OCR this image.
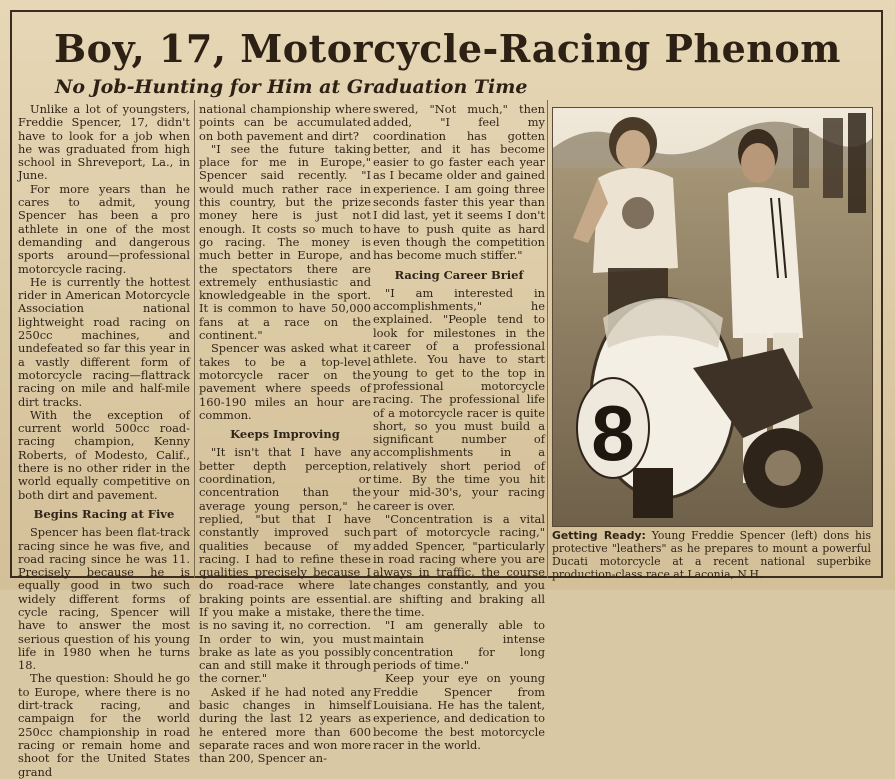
Boy, 17, Motorcycle-Racing Phenom
No Job-Hunting for Him at Graduation Time

Unlike a lot of youngsters, Freddie Spencer, 17, didn't have to look for a job when he was graduated from high school in Shreveport, La., in June.

For more years than he cares to admit, young Spencer has been a pro athlete in one of the most demanding and dangerous sports around—professional motorcycle racing.

He is currently the hottest rider in American Motorcycle Association national lightweight road racing on 250cc machines, and undefeated so far this year in a vastly different form of motorcycle racing—flattrack racing on mile and half-mile dirt tracks.

With the exception of current world 500cc road-racing champion, Kenny Roberts, of Modesto, Calif., there is no other rider in the world equally competitive on both dirt and pavement.

Begins Racing at Five

Spencer has been flat-track racing since he was five, and road racing since he was 11. Precisely because he is equally good in two such widely different forms of cycle racing, Spencer will have to answer the most serious question of his young life in 1980 when he turns 18.

The question: Should he go to Europe, where there is no dirt-track racing, and campaign for the world 250cc championship in road racing or remain home and shoot for the United States grand

national championship where points can be accumulated on both pavement and dirt?

"I see the future taking place for me in Europe," Spencer said recently. "I would much rather race in this country, but the prize money here is just not enough. It costs so much to go racing. The money is much better in Europe, and the spectators there are extremely enthusiastic and knowledgeable in the sport. It is common to have 50,000 fans at a race on the continent."

Spencer was asked what it takes to be a top-level motorcycle racer on the pavement where speeds of 160-190 miles an hour are common.

Keeps Improving

"It isn't that I have any better depth perception, coordination, or concentration than the average young person," he replied, "but that I have constantly improved such qualities because of my racing. I had to refine these qualities precisely because I do road-race where late braking points are essential. If you make a mistake, there is no saving it, no correction. In order to win, you must brake as late as you possibly can and still make it through the corner."

Asked if he had noted any basic changes in himself during the last 12 years as he entered more than 600 separate races and won more than 200, Spencer an-

swered, "Not much," then added, "I feel my coordination has gotten better, and it has become easier to go faster each year as I became older and gained experience. I am going three seconds faster this year than I did last, yet it seems I don't have to push quite as hard even though the competition has become much stiffer."

Racing Career Brief

"I am interested in accomplishments," he explained. "People tend to look for milestones in the career of a professional athlete. You have to start young to get to the top in professional motorcycle racing. The professional life of a motorcycle racer is quite short, so you must build a significant number of accomplishments in a relatively short period of time. By the time you hit your mid-30's, your racing career is over.

"Concentration is a vital part of motorcycle racing," added Spencer, "particularly in road racing where you are always in traffic, the course changes constantly, and you are shifting and braking all the time.

"I am generally able to maintain intense concentration for long periods of time."

Keep your eye on young Freddie Spencer from Louisiana. He has the talent, experience, and dedication to become the best motorcycle racer in the world.

8
Getting Ready: Young Freddie Spencer (left) dons his protective "leathers" as he prepares to mount a powerful Ducati motorcycle at a recent national superbike production-class race at Laconia, N.H.
